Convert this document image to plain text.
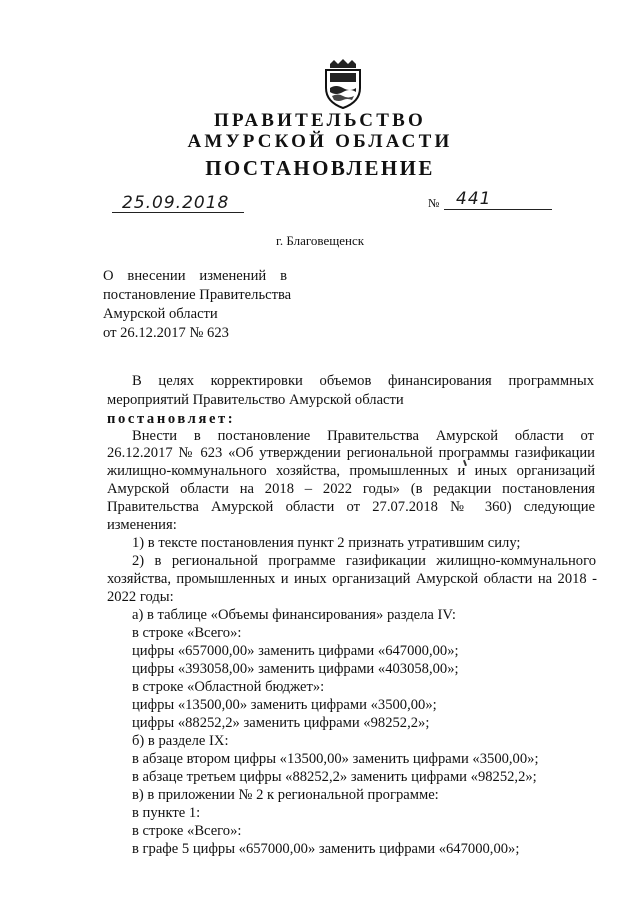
ПРАВИТЕЛЬСТВО
АМУРСКОЙ ОБЛАСТИ
ПОСТАНОВЛЕНИЕ
25.09.2018	№ 441
г. Благовещенск
О внесении изменений в
постановление Правительства
Амурской области
от 26.12.2017 № 623
В целях корректировки объемов финансирования программных
мероприятий Правительство Амурской области
постановляет:
Внести в постановление Правительства Амурской области от
26.12.2017 № 623 «Об утверждении региональной программы газификации
жилищно-коммунального хозяйства, промышленных и иных организаций
Амурской области на 2018 – 2022 годы» (в редакции постановления
Правительства Амурской области от 27.07.2018 № 360) следующие
изменения:
1) в тексте постановления пункт 2 признать утратившим силу;
2) в региональной программе газификации жилищно-коммунального
хозяйства, промышленных и иных организаций Амурской области на 2018 -
2022 годы:
а) в таблице «Объемы финансирования» раздела IV:
в строке «Всего»:
цифры «657000,00» заменить цифрами «647000,00»;
цифры «393058,00» заменить цифрами «403058,00»;
в строке «Областной бюджет»:
цифры «13500,00» заменить цифрами «3500,00»;
цифры «88252,2» заменить цифрами «98252,2»;
б) в разделе IX:
в абзаце втором цифры «13500,00» заменить цифрами «3500,00»;
в абзаце третьем цифры «88252,2» заменить цифрами «98252,2»;
в) в приложении № 2 к региональной программе:
в пункте 1:
в строке «Всего»:
в графе 5 цифры «657000,00» заменить цифрами «647000,00»;
